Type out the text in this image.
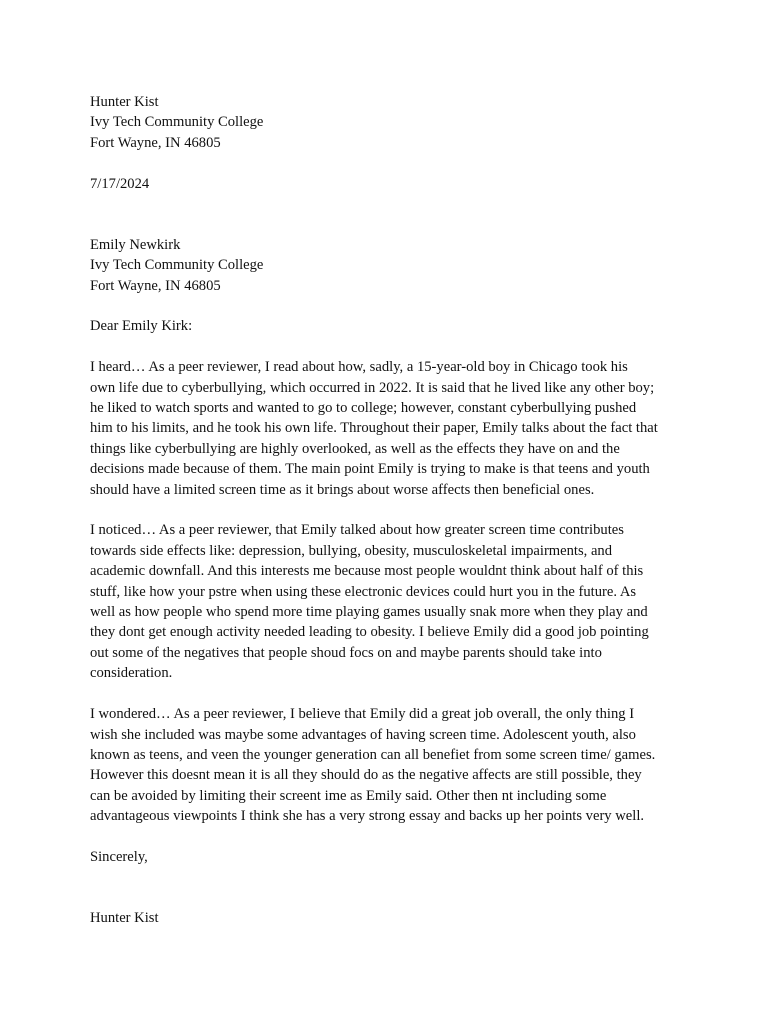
Hunter Kist
Ivy Tech Community College
Fort Wayne, IN 46805
7/17/2024
Emily Newkirk
Ivy Tech Community College
Fort Wayne, IN 46805
Dear Emily Kirk:
I heard… As a peer reviewer, I read about how, sadly, a 15-year-old boy in Chicago took his
own life due to cyberbullying, which occurred in 2022. It is said that he lived like any other boy;
he liked to watch sports and wanted to go to college; however, constant cyberbullying pushed
him to his limits, and he took his own life. Throughout their paper, Emily talks about the fact that
things like cyberbullying are highly overlooked, as well as the effects they have on and the
decisions made because of them. The main point Emily is trying to make is that teens and youth
should have a limited screen time as it brings about worse affects then beneficial ones.
I noticed… As a peer reviewer, that Emily talked about how greater screen time contributes
towards side effects like: depression, bullying, obesity, musculoskeletal impairments, and
academic downfall. And this interests me because most people wouldnt think about half of this
stuff, like how your pstre when using these electronic devices could hurt you in the future. As
well as how people who spend more time playing games usually snak more when they play and
they dont get enough activity needed leading to obesity. I believe Emily did a good job pointing
out some of the negatives that people shoud focs on and maybe parents should take into
consideration.
I wondered… As a peer reviewer, I believe that Emily did a great job overall, the only thing I
wish she included was maybe some advantages of having screen time. Adolescent youth, also
known as teens, and veen the younger generation can all benefiet from some screen time/ games.
However this doesnt mean it is all they should do as the negative affects are still possible, they
can be avoided by limiting their screent ime as Emily said. Other then nt including some
advantageous viewpoints I think she has a very strong essay and backs up her points very well.
Sincerely,
Hunter Kist
